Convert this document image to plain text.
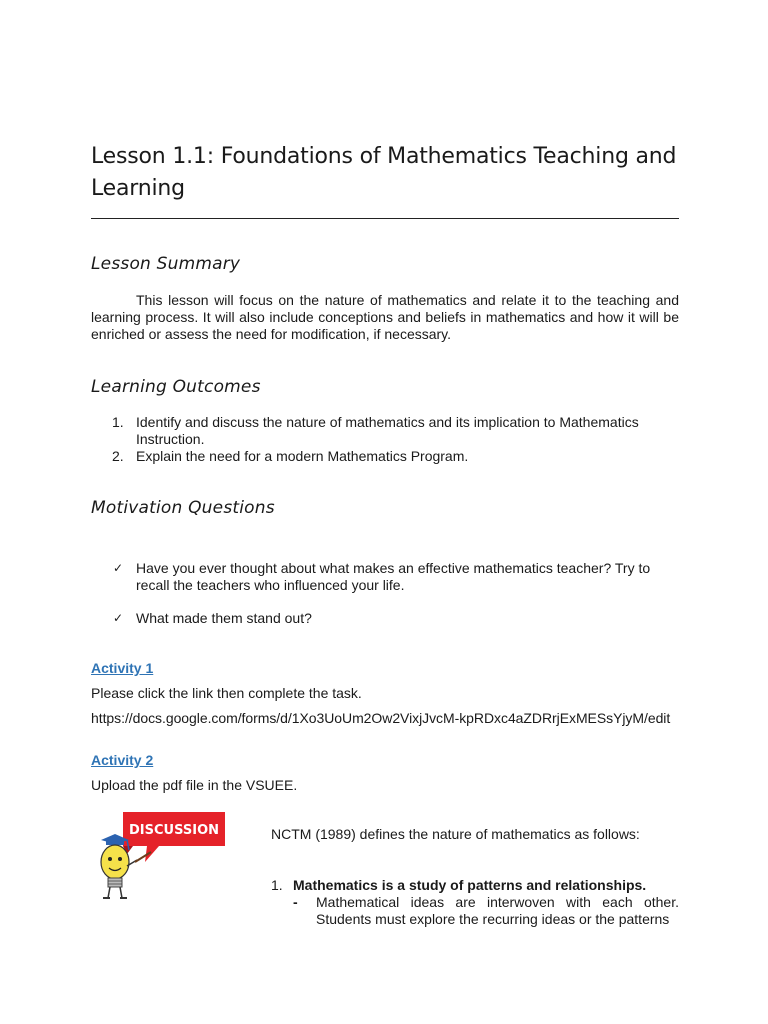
Lesson 1.1: Foundations of Mathematics Teaching and Learning
Lesson Summary

This lesson will focus on the nature of mathematics and relate it to the teaching and learning process. It will also include conceptions and beliefs in mathematics and how it will be enriched or assess the need for modification, if necessary.

Learning Outcomes
1. Identify and discuss the nature of mathematics and its implication to Mathematics Instruction.
2. Explain the need for a modern Mathematics Program.
Motivation Questions
✓ Have you ever thought about what makes an effective mathematics teacher? Try to recall the teachers who influenced your life.
✓ What made them stand out?
Activity 1
Please click the link then complete the task.
https://docs.google.com/forms/d/1Xo3UoUm2Ow2VixjJvcM-kpRDxc4aZDRrjExMESsYjyM/edit
Activity 2
Upload the pdf file in the VSUEE.
DISCUSSION	NCTM (1989) defines the nature of mathematics as follows:
1. Mathematics is a study of patterns and relationships.
- Mathematical ideas are interwoven with each other. Students must explore the recurring ideas or the patterns
